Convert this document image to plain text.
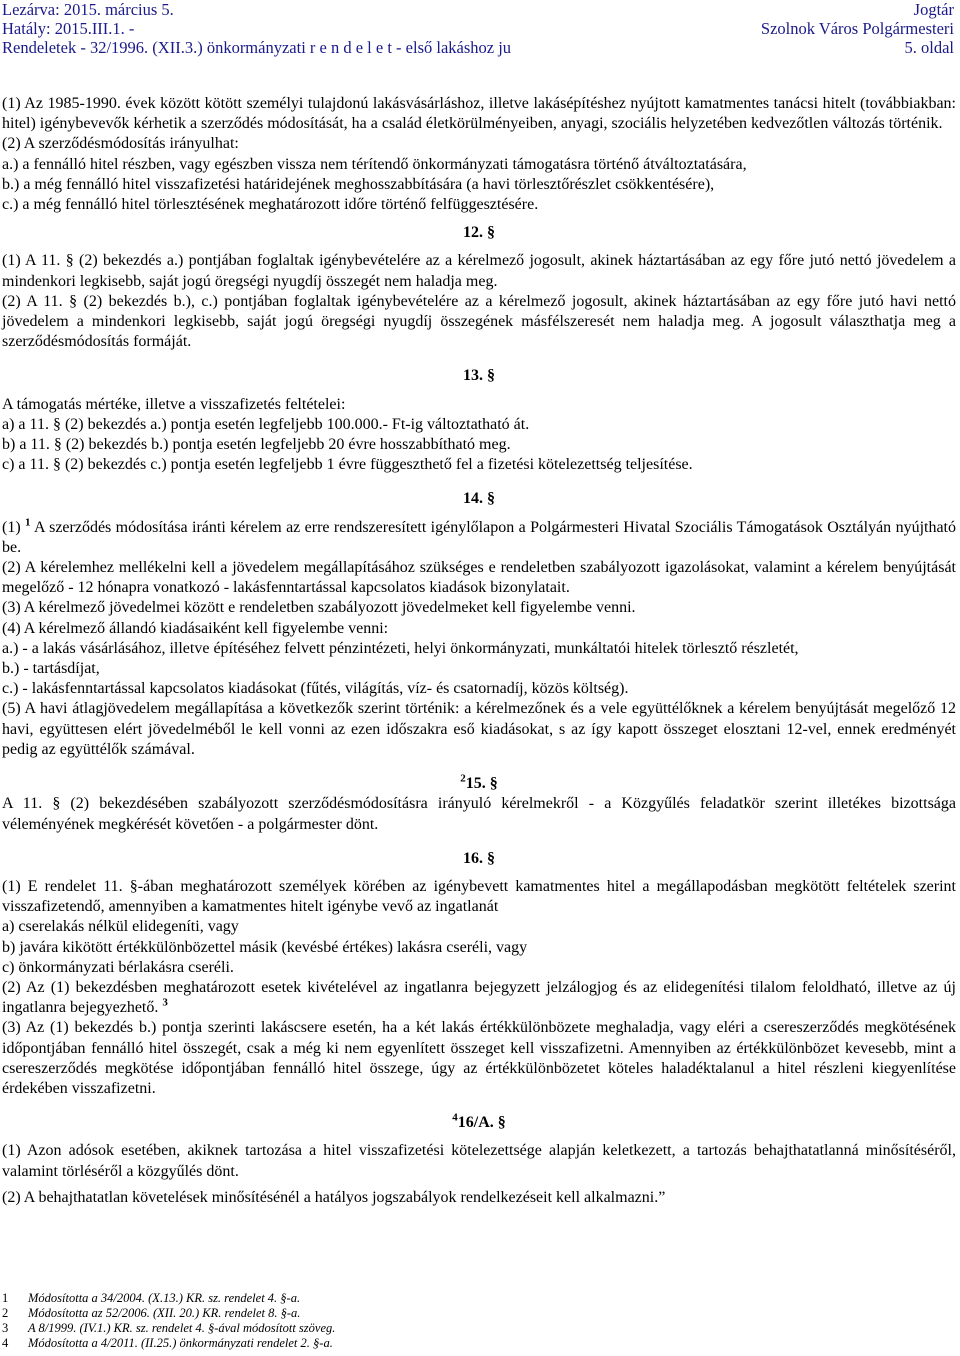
Lezárva: 2015. március 5.	Jogtár
Hatály: 2015.III.1. -	Szolnok Város Polgármesteri
Rendeletek - 32/1996. (XII.3.) önkormányzati r e n d e l e t - első lakáshoz ju	5. oldal

(1) Az 1985-1990. évek között kötött személyi tulajdonú lakásvásárláshoz, illetve lakásépítéshez nyújtott kamatmentes tanácsi hitelt (továbbiakban: hitel) igénybevevők kérhetik a szerződés módosítását, ha a család életkörülményeiben, anyagi, szociális helyzetében kedvezőtlen változás történik.

(2) A szerződésmódosítás irányulhat:

a.) a fennálló hitel részben, vagy egészben vissza nem térítendő önkormányzati támogatásra történő átváltoztatására,

b.) a még fennálló hitel visszafizetési határidejének meghosszabbítására (a havi törlesztőrészlet csökkentésére),

c.) a még fennálló hitel törlesztésének meghatározott időre történő felfüggesztésére.

12. §

(1) A 11. § (2) bekezdés a.) pontjában foglaltak igénybevételére az a kérelmező jogosult, akinek háztartásában az egy főre jutó nettó jövedelem a mindenkori legkisebb, saját jogú öregségi nyugdíj összegét nem haladja meg.

(2) A 11. § (2) bekezdés b.), c.) pontjában foglaltak igénybevételére az a kérelmező jogosult, akinek háztartásában az egy főre jutó havi nettó jövedelem a mindenkori legkisebb, saját jogú öregségi nyugdíj összegének másfélszeresét nem haladja meg. A jogosult választhatja meg a szerződésmódosítás formáját.

13. §

A támogatás mértéke, illetve a visszafizetés feltételei:

a) a 11. § (2) bekezdés a.) pontja esetén legfeljebb 100.000.- Ft-ig változtatható át.

b) a 11. § (2) bekezdés b.) pontja esetén legfeljebb 20 évre hosszabbítható meg.

c) a 11. § (2) bekezdés c.) pontja esetén legfeljebb 1 évre függeszthető fel a fizetési kötelezettség teljesítése.

14. §

(1) $^1$ A szerződés módosítása iránti kérelem az erre rendszeresített igénylőlapon a Polgármesteri Hivatal Szociális Támogatások Osztályán nyújtható be.

(2) A kérelemhez mellékelni kell a jövedelem megállapításához szükséges e rendeletben szabályozott igazolásokat, valamint a kérelem benyújtását megelőző - 12 hónapra vonatkozó - lakásfenntartással kapcsolatos kiadások bizonylatait.

(3) A kérelmező jövedelmei között e rendeletben szabályozott jövedelmeket kell figyelembe venni.

(4) A kérelmező állandó kiadásaiként kell figyelembe venni:

a.) - a lakás vásárlásához, illetve építéséhez felvett pénzintézeti, helyi önkormányzati, munkáltatói hitelek törlesztő részletét,

b.) - tartásdíjat,

c.) - lakásfenntartással kapcsolatos kiadásokat (fűtés, világítás, víz- és csatornadíj, közös költség).

(5) A havi átlagjövedelem megállapítása a következők szerint történik: a kérelmezőnek és a vele együttélőknek a kérelem benyújtását megelőző 12 havi, együttesen elért jövedelméből le kell vonni az ezen időszakra eső kiadásokat, s az így kapott összeget elosztani 12-vel, ennek eredményét pedig az együttélők számával.

$^2$15. §

A 11. § (2) bekezdésében szabályozott szerződésmódosításra irányuló kérelmekről - a Közgyűlés feladatkör szerint illetékes bizottsága véleményének megkérését követően - a polgármester dönt.

16. §

(1) E rendelet 11. §-ában meghatározott személyek körében az igénybevett kamatmentes hitel a megállapodásban megkötött feltételek szerint visszafizetendő, amennyiben a kamatmentes hitelt igénybe vevő az ingatlanát

a) cserelakás nélkül elidegeníti, vagy

b) javára kikötött értékkülönbözettel másik (kevésbé értékes) lakásra cseréli, vagy

c) önkormányzati bérlakásra cseréli.

(2) Az (1) bekezdésben meghatározott esetek kivételével az ingatlanra bejegyzett jelzálogjog és az elidegenítési tilalom feloldható, illetve az új ingatlanra bejegyezhető. $^3$

(3) Az (1) bekezdés b.) pontja szerinti lakáscsere esetén, ha a két lakás értékkülönbözete meghaladja, vagy eléri a csereszerződés megkötésének időpontjában fennálló hitel összegét, csak a még ki nem egyenlített összeget kell visszafizetni. Amennyiben az értékkülönbözet kevesebb, mint a csereszerződés megkötése időpontjában fennálló hitel összege, úgy az értékkülönbözetet köteles haladéktalanul a hitel részleni kiegyenlítése érdekében visszafizetni.

$^4$16/A. §

(1) Azon adósok esetében, akiknek tartozása a hitel visszafizetési kötelezettsége alapján keletkezett, a tartozás behajthatatlanná minősítéséről, valamint törléséről a közgyűlés dönt.

(2) A behajthatatlan követelések minősítésénél a hatályos jogszabályok rendelkezéseit kell alkalmazni.”

1	Módosította a 34/2004. (X.13.) KR. sz. rendelet 4. §-a.
2	Módosította az 52/2006. (XII. 20.) KR. rendelet 8. §-a.
3	A 8/1999. (IV.1.) KR. sz. rendelet 4. §-ával módosított szöveg.
4	Módosította a 4/2011. (II.25.) önkormányzati rendelet 2. §-a.
